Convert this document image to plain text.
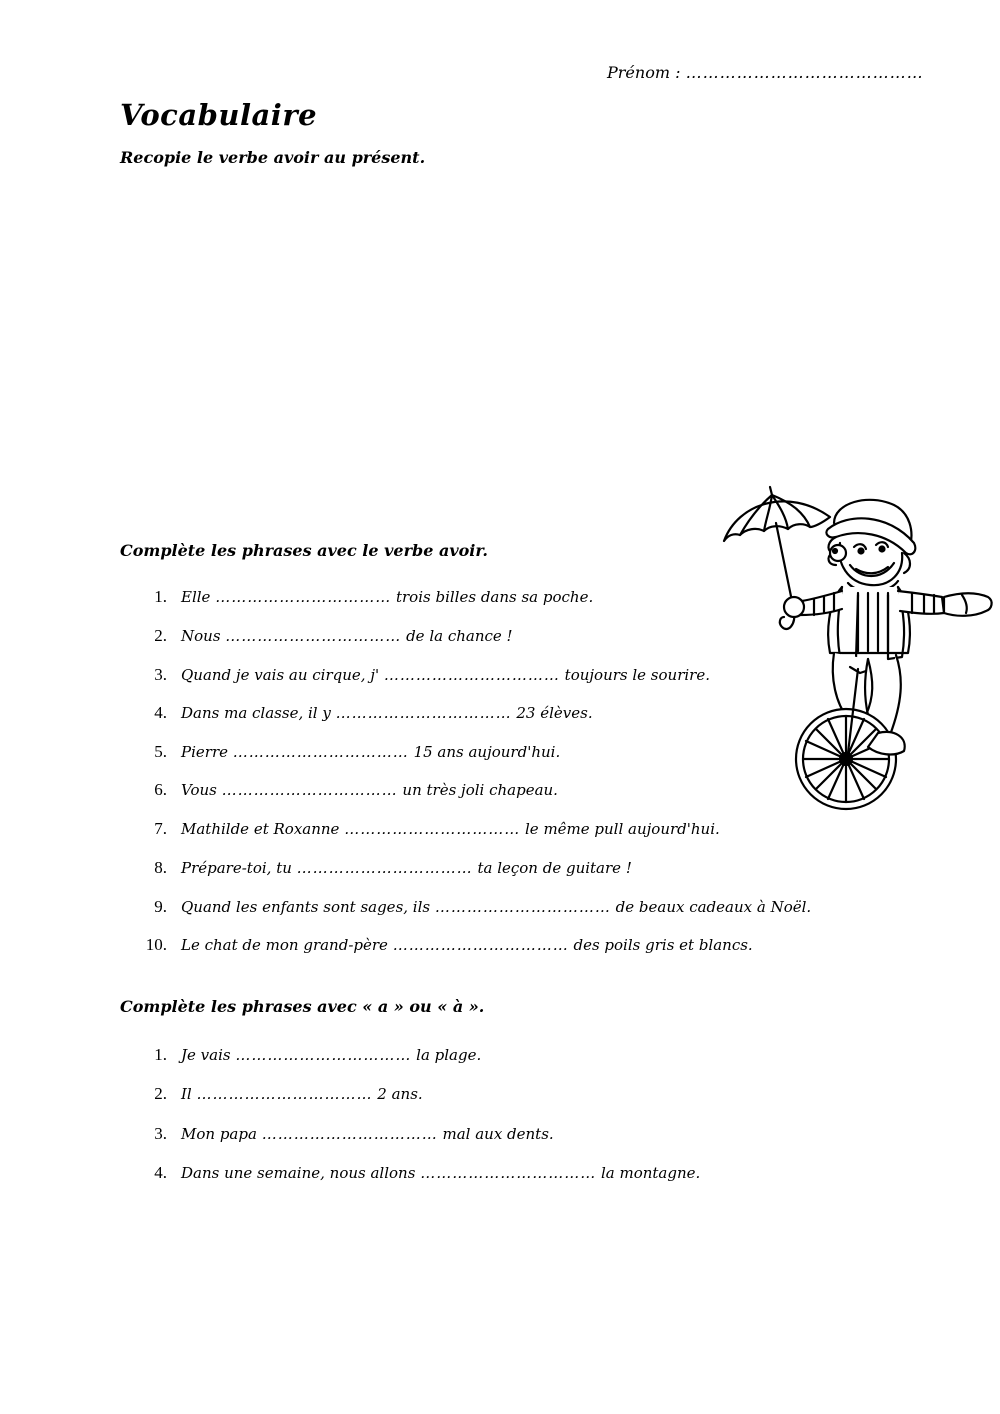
Prénom : ……………………………………
Vocabulaire
Recopie le verbe avoir au présent.
Complète les phrases avec le verbe avoir.
1. Elle …………………………… trois billes dans sa poche.
2. Nous …………………………… de la chance !
3. Quand je vais au cirque, j' …………………………… toujours le sourire.
4. Dans ma classe, il y …………………………… 23 élèves.
5. Pierre …………………………… 15 ans aujourd'hui.
6. Vous …………………………… un très joli chapeau.
7. Mathilde et Roxanne …………………………… le même pull aujourd'hui.
8. Prépare-toi, tu …………………………… ta leçon de guitare !
9. Quand les enfants sont sages, ils …………………………… de beaux cadeaux à Noël.
10. Le chat de mon grand-père …………………………… des poils gris et blancs.
Complète les phrases avec « a » ou « à ».
1. Je vais …………………………… la plage.
2. Il …………………………… 2 ans.
3. Mon papa …………………………… mal aux dents.
4. Dans une semaine, nous allons …………………………… la montagne.
